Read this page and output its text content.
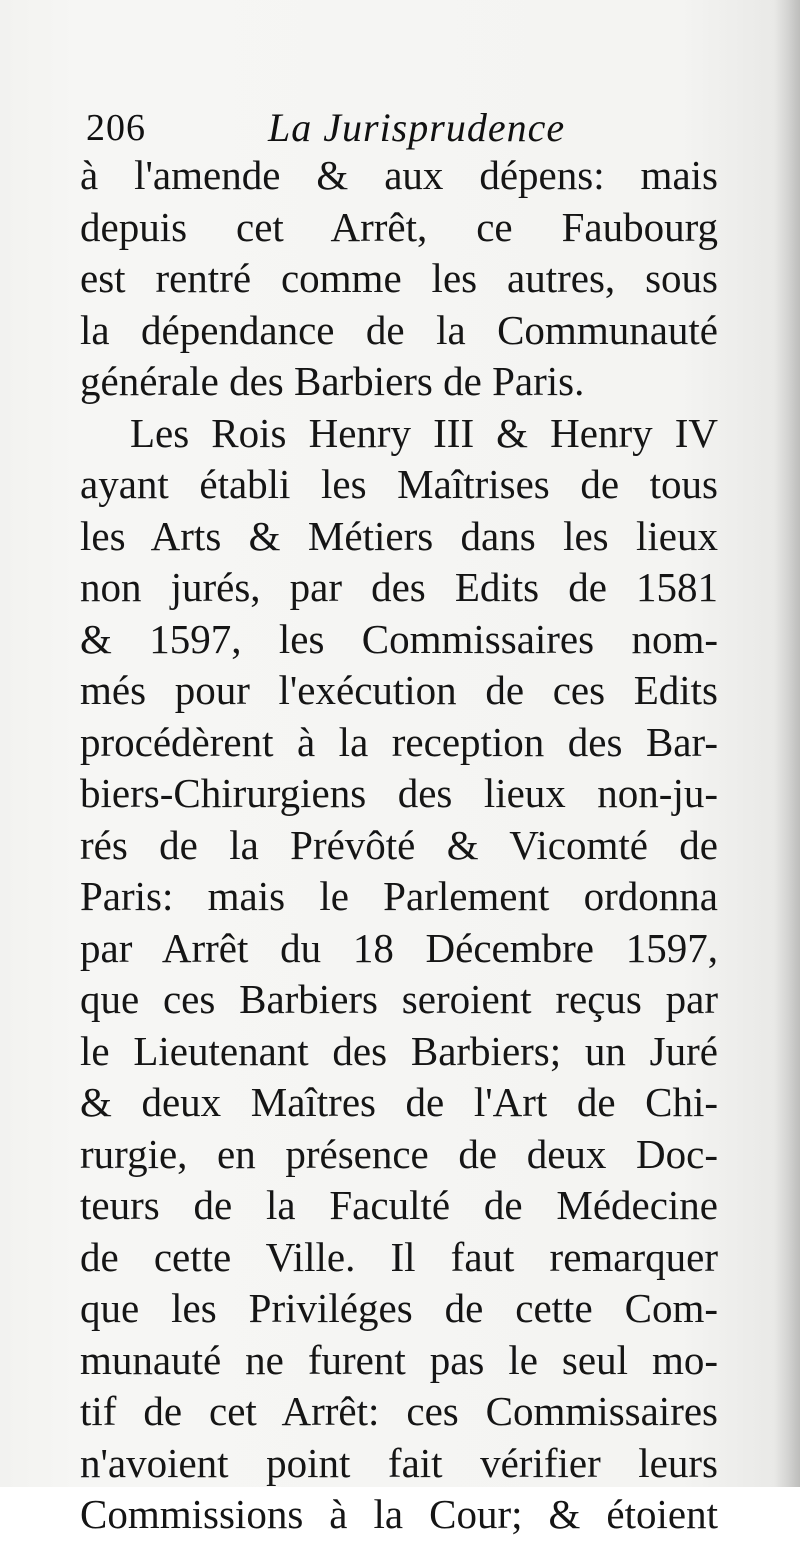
206	La Jurisprudence
à l'amende & aux dépens: mais
depuis cet Arrêt, ce Faubourg
est rentré comme les autres, sous
la dépendance de la Communauté
générale des Barbiers de Paris.
Les Rois Henry III & Henry IV
ayant établi les Maîtrises de tous
les Arts & Métiers dans les lieux
non jurés, par des Edits de 1581
& 1597, les Commissaires nom-
més pour l'exécution de ces Edits
procédèrent à la reception des Bar-
biers-Chirurgiens des lieux non-ju-
rés de la Prévôté & Vicomté de
Paris: mais le Parlement ordonna
par Arrêt du 18 Décembre 1597,
que ces Barbiers seroient reçus par
le Lieutenant des Barbiers; un Juré
& deux Maîtres de l'Art de Chi-
rurgie, en présence de deux Doc-
teurs de la Faculté de Médecine
de cette Ville. Il faut remarquer
que les Priviléges de cette Com-
munauté ne furent pas le seul mo-
tif de cet Arrêt: ces Commissaires
n'avoient point fait vérifier leurs
Commissions à la Cour; & étoient
